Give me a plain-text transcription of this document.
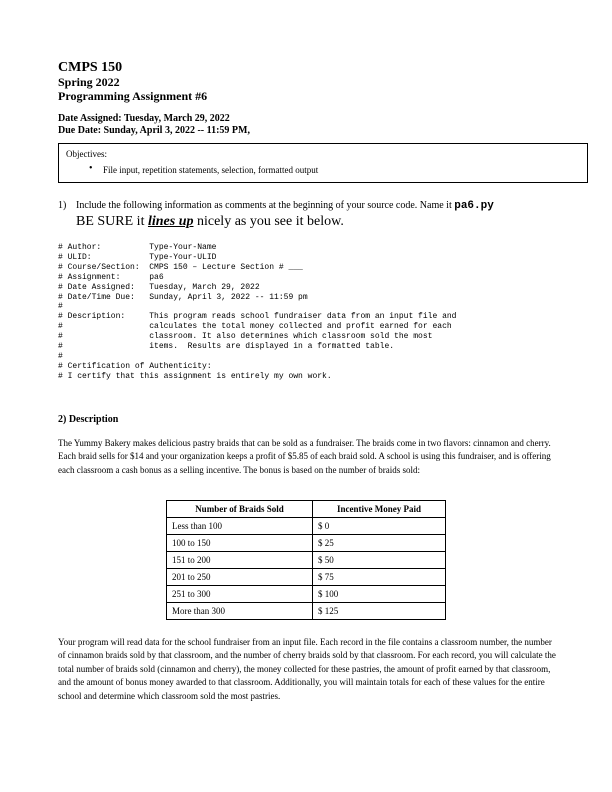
CMPS 150
Spring 2022
Programming Assignment #6
Date Assigned: Tuesday, March 29, 2022
Due Date: Sunday, April 3, 2022 -- 11:59 PM,
Objectives:
• File input, repetition statements, selection, formatted output
1) Include the following information as comments at the beginning of your source code. Name it pa6.py
BE SURE it lines up nicely as you see it below.
# Author:          Type-Your-Name
# ULID:            Type-Your-ULID
# Course/Section:  CMPS 150 – Lecture Section # ___
# Assignment:      pa6
# Date Assigned:   Tuesday, March 29, 2022
# Date/Time Due:   Sunday, April 3, 2022 -- 11:59 pm
#
# Description:     This program reads school fundraiser data from an input file and
#                  calculates the total money collected and profit earned for each
#                  classroom. It also determines which classroom sold the most
#                  items.  Results are displayed in a formatted table.
#
# Certification of Authenticity:
# I certify that this assignment is entirely my own work.
2) Description
The Yummy Bakery makes delicious pastry braids that can be sold as a fundraiser. The braids come in two flavors: cinnamon and cherry. Each braid sells for $14 and your organization keeps a profit of $5.85 of each braid sold. A school is using this fundraiser, and is offering each classroom a cash bonus as a selling incentive. The bonus is based on the number of braids sold:
Number of Braids Sold	Incentive Money Paid
Less than 100	$ 0
100 to 150	$ 25
151 to 200	$ 50
201 to 250	$ 75
251 to 300	$ 100
More than 300	$ 125
Your program will read data for the school fundraiser from an input file. Each record in the file contains a classroom number, the number of cinnamon braids sold by that classroom, and the number of cherry braids sold by that classroom. For each record, you will calculate the total number of braids sold (cinnamon and cherry), the money collected for these pastries, the amount of profit earned by that classroom, and the amount of bonus money awarded to that classroom. Additionally, you will maintain totals for each of these values for the entire school and determine which classroom sold the most pastries.
